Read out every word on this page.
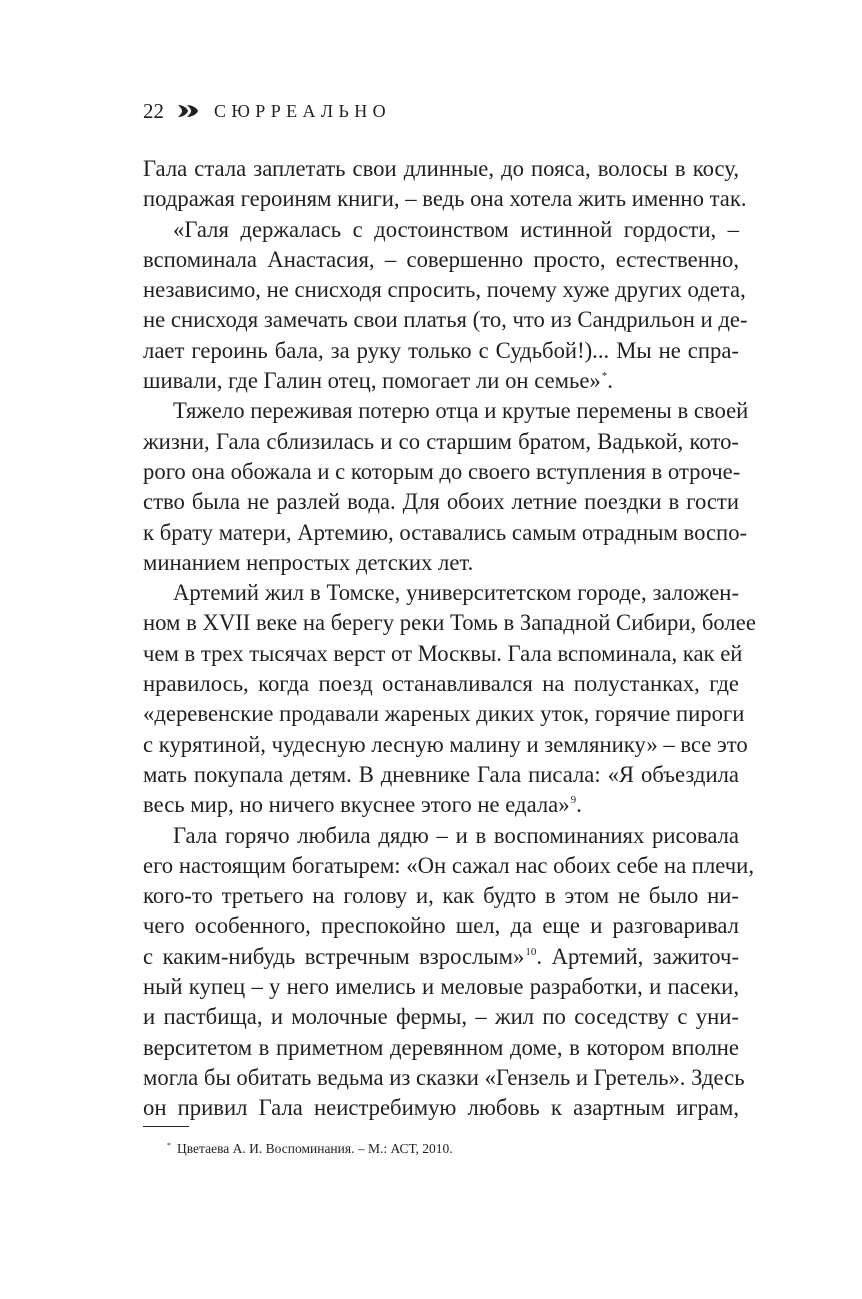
22	СЮРРЕАЛЬНО
Гала стала заплетать свои длинные, до пояса, волосы в косу,
подражая героиням книги, – ведь она хотела жить именно так.
«Галя держалась с достоинством истинной гордости, –
вспоминала Анастасия, – совершенно просто, естественно,
независимо, не снисходя спросить, почему хуже других одета,
не снисходя замечать свои платья (то, что из Сандрильон и де-
лает героинь бала, за руку только с Судьбой!)... Мы не спра-
шивали, где Галин отец, помогает ли он семье»*.
Тяжело переживая потерю отца и крутые перемены в своей
жизни, Гала сблизилась и со старшим братом, Вадькой, кото-
рого она обожала и с которым до своего вступления в отроче-
ство была не разлей вода. Для обоих летние поездки в гости
к брату матери, Артемию, оставались самым отрадным воспо-
минанием непростых детских лет.
Артемий жил в Томске, университетском городе, заложен-
ном в XVII веке на берегу реки Томь в Западной Сибири, более
чем в трех тысячах верст от Москвы. Гала вспоминала, как ей
нравилось, когда поезд останавливался на полустанках, где
«деревенские продавали жареных диких уток, горячие пироги
с курятиной, чудесную лесную малину и землянику» – все это
мать покупала детям. В дневнике Гала писала: «Я объездила
весь мир, но ничего вкуснее этого не едала»$^9$.
Гала горячо любила дядю – и в воспоминаниях рисовала
его настоящим богатырем: «Он сажал нас обоих себе на плечи,
кого-то третьего на голову и, как будто в этом не было ни-
чего особенного, преспокойно шел, да еще и разговаривал
с каким-нибудь встречным взрослым»$^{10}$. Артемий, зажиточ-
ный купец – у него имелись и меловые разработки, и пасеки,
и пастбища, и молочные фермы, – жил по соседству с уни-
верситетом в приметном деревянном доме, в котором вполне
могла бы обитать ведьма из сказки «Гензель и Гретель». Здесь
он привил Гала неистребимую любовь к азартным играм,
* Цветаева А. И. Воспоминания. – М.: АСТ, 2010.
